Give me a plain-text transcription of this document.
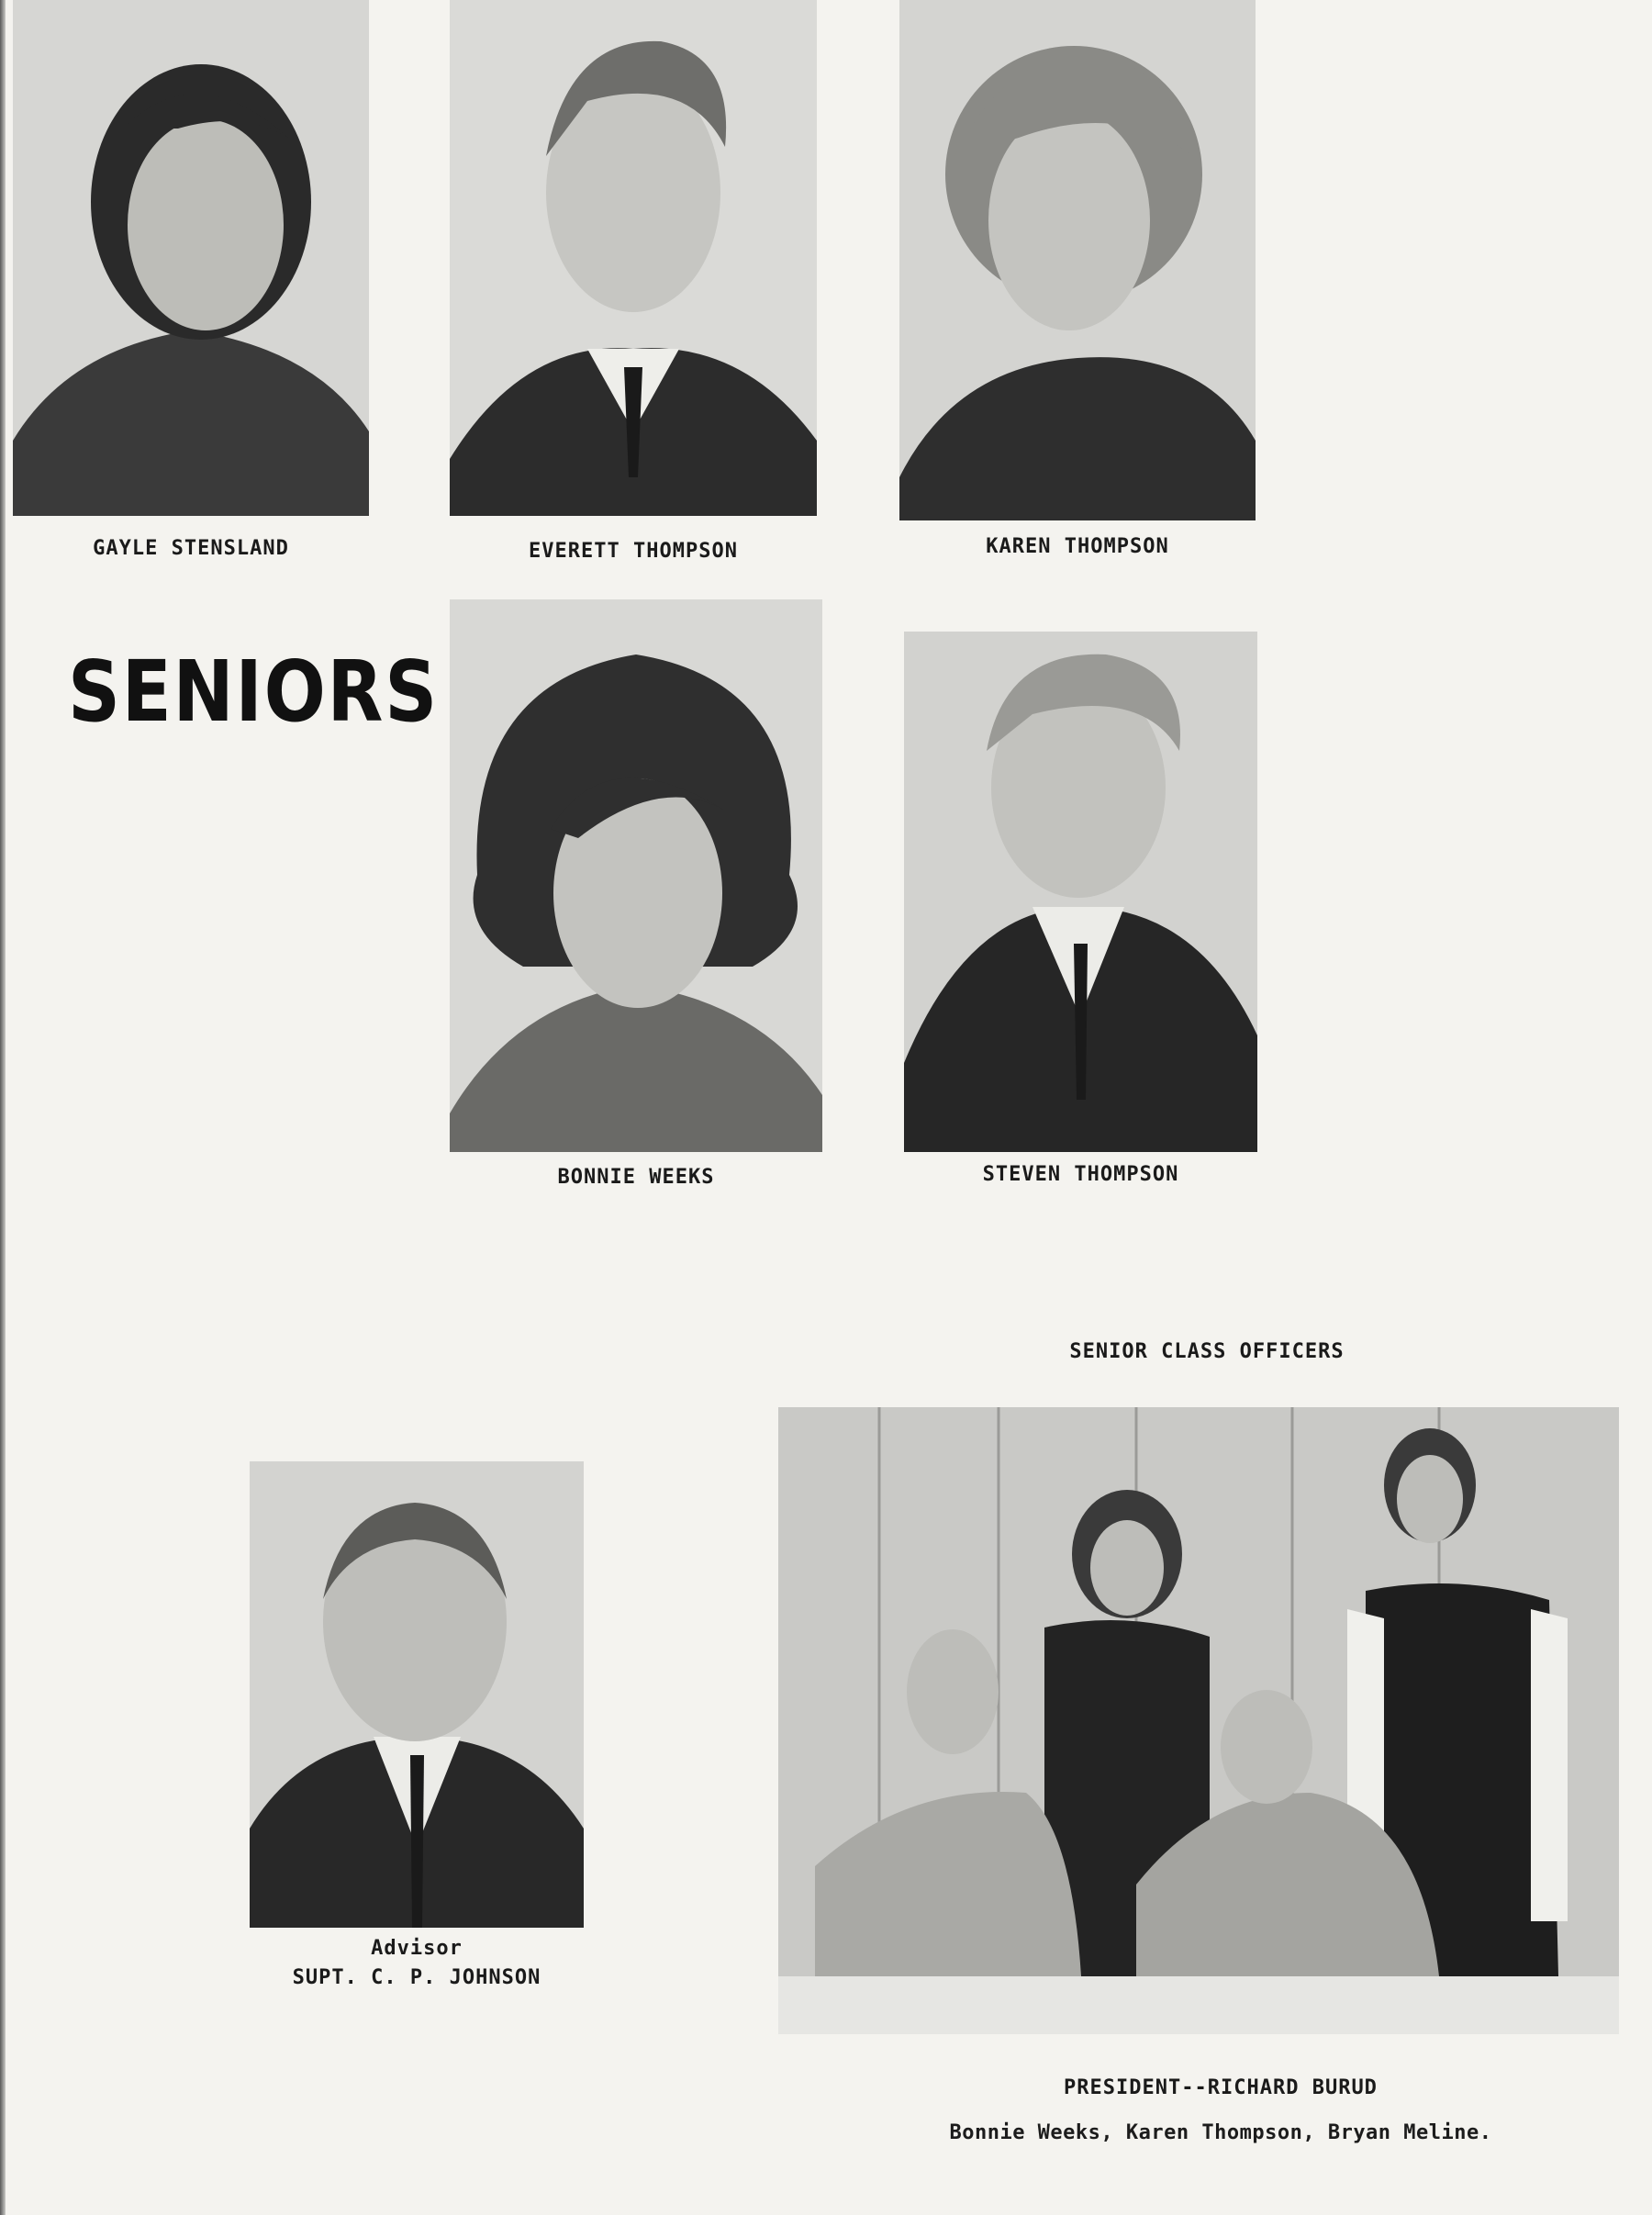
GAYLE STENSLAND	EVERETT THOMPSON	KAREN THOMPSON
SENIORS
BONNIE WEEKS	STEVEN THOMPSON
SENIOR CLASS OFFICERS
Advisor
SUPT. C. P. JOHNSON
PRESIDENT--RICHARD BURUD
Bonnie Weeks, Karen Thompson, Bryan Meline.
